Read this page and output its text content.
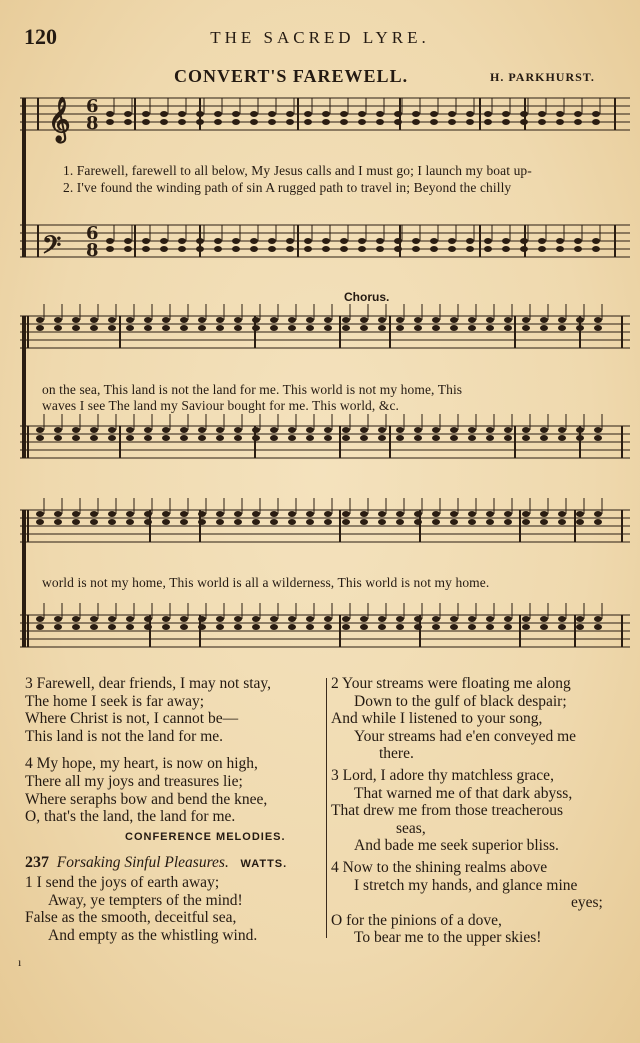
120	THE SACRED LYRE.
CONVERT'S FAREWELL.	H. PARKHURST.
𝄞
𝄢
6
8
6
8
Chorus.
1. Farewell, farewell to all below, My Jesus calls and I must go; I launch my boat up-
2. I've found the winding path of sin A rugged path to travel in; Beyond the chilly
on the sea, This land is not the land for me. This world is not my home, This
waves I see The land my Saviour bought for me. This world, &c.
world is not my home, This world is all a wilderness, This world is not my home.
3 Farewell, dear friends, I may not stay,
The home I seek is far away;
Where Christ is not, I cannot be—
This land is not the land for me.
4 My hope, my heart, is now on high,
There all my joys and treasures lie;
Where seraphs bow and bend the knee,
O, that's the land, the land for me.
CONFERENCE MELODIES.
237 Forsaking Sinful Pleasures. WATTS.
1 I send the joys of earth away;
Away, ye tempters of the mind!
False as the smooth, deceitful sea,
And empty as the whistling wind.
2 Your streams were floating me along
Down to the gulf of black despair;
And while I listened to your song,
Your streams had e'en conveyed me
there.
3 Lord, I adore thy matchless grace,
That warned me of that dark abyss,
That drew me from those treacherous
seas,
And bade me seek superior bliss.
4 Now to the shining realms above
I stretch my hands, and glance mine
eyes;
O for the pinions of a dove,
To bear me to the upper skies!
ı
